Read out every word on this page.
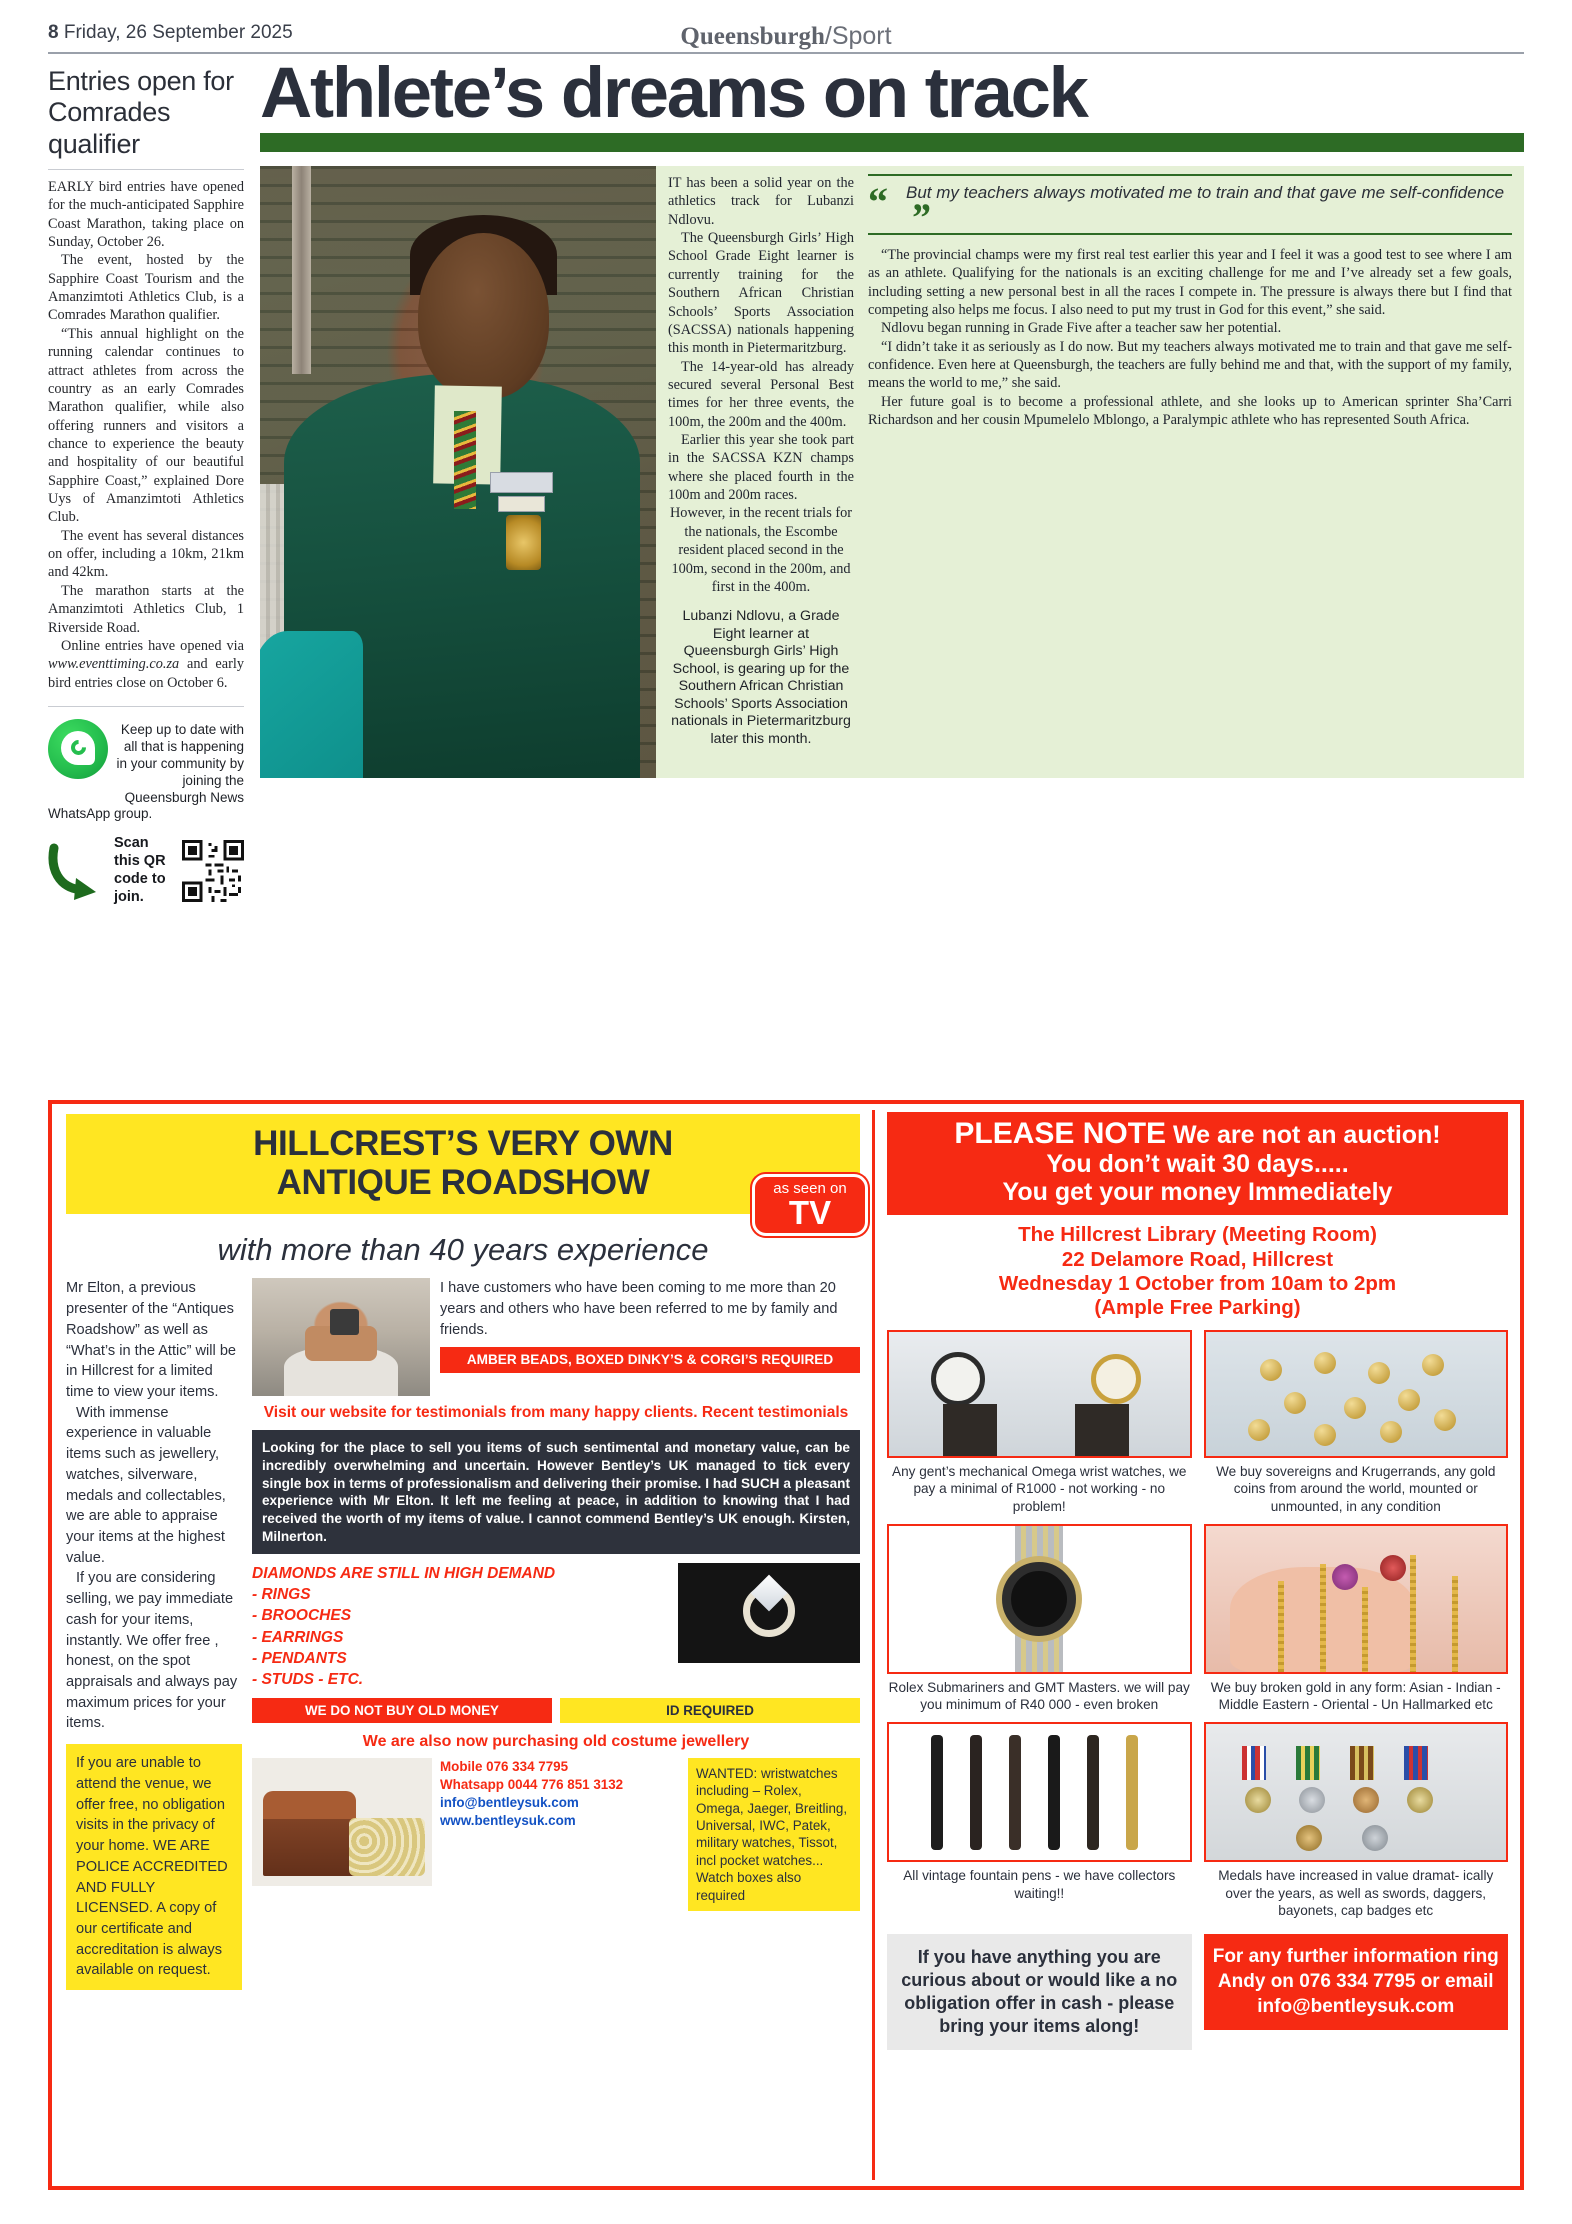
8 Friday, 26 September 2025	Queensburgh/Sport
Entries open for Comrades qualifier

EARLY bird entries have opened for the much-anticipated Sapphire Coast Marathon, taking place on Sunday, October 26.

The event, hosted by the Sapphire Coast Tourism and the Amanzimtoti Athletics Club, is a Comrades Marathon qualifier.

“This annual highlight on the running calendar continues to attract athletes from across the country as an early Comrades Marathon qualifier, while also offering runners and visitors a chance to experience the beauty and hospitality of our beautiful Sapphire Coast,” explained Dore Uys of Amanzimtoti Athletics Club.

The event has several distances on offer, including a 10km, 21km and 42km.

The marathon starts at the Amanzimtoti Athletics Club, 1 Riverside Road.

Online entries have opened via www.eventtiming.co.za and early bird entries close on October 6.

Keep up to date with all that is happening in your community by joining the Queensburgh News
WhatsApp group.
Scan this QR code to join.
Athlete’s dreams on track

IT has been a solid year on the athletics track for Lubanzi Ndlovu.

The Queensburgh Girls’ High School Grade Eight learner is currently training for the Southern African Christian Schools’ Sports Association (SACSSA) nationals happening this month in Pietermaritzburg.

The 14-year-old has already secured several Personal Best times for her three events, the 100m, the 200m and the 400m.

Earlier this year she took part in the SACSSA KZN champs where she placed fourth in the 100m and 200m races.

However, in the recent trials for the nationals, the Escombe resident placed second in the 100m, second in the 200m, and first in the 400m.

Lubanzi Ndlovu, a Grade Eight learner at Queensburgh Girls’ High School, is gearing up for the Southern African Christian Schools’ Sports Association nationals in Pietermaritzburg later this month.
“	But my teachers always motivated me to train and that gave me self-confidence”

“The provincial champs were my first real test earlier this year and I feel it was a good test to see where I am as an athlete. Qualifying for the nationals is an exciting challenge for me and I’ve already set a few goals, including setting a new personal best in all the races I compete in. The pressure is always there but I find that competing also helps me focus. I also need to put my trust in God for this event,” she said.

Ndlovu began running in Grade Five after a teacher saw her potential.

“I didn’t take it as seriously as I do now. But my teachers always motivated me to train and that gave me self-confidence. Even here at Queensburgh, the teachers are fully behind me and that, with the support of my family, means the world to me,” she said.

Her future goal is to become a professional athlete, and she looks up to American sprinter Sha’Carri Richardson and her cousin Mpumelelo Mblongo, a Paralympic athlete who has represented South Africa.

HILLCREST’S VERY OWN
ANTIQUE ROADSHOW	as seen on
TV
with more than 40 years experience

Mr Elton, a previous presenter of the “Antiques Roadshow” as well as “What’s in the Attic” will be in Hillcrest for a limited time to view your items.

With immense experience in valuable items such as jewellery, watches, silverware, medals and collectables, we are able to appraise your items at the highest value.

If you are considering selling, we pay immediate cash for your items, instantly. We offer free , honest, on the spot appraisals and always pay maximum prices for your items.

If you are unable to attend the venue, we offer free, no obligation visits in the privacy of your home. WE ARE POLICE ACCREDITED AND FULLY LICENSED. A copy of our certificate and accreditation is always available on request.
I have customers who have been coming to me more than 20 years and others who have been referred to me by family and friends.
AMBER BEADS, BOXED DINKY’S & CORGI’S REQUIRED
Visit our website for testimonials from many happy clients. Recent testimonials
Looking for the place to sell you items of such sentimental and monetary value, can be incredibly overwhelming and uncertain. However Bentley’s UK managed to tick every single box in terms of professionalism and delivering their promise. I had SUCH a pleasant experience with Mr Elton. It left me feeling at peace, in addition to knowing that I had received the worth of my items of value. I cannot commend Bentley’s UK enough. Kirsten, Milnerton.
DIAMONDS ARE STILL IN HIGH DEMAND
- RINGS
- BROOCHES
- EARRINGS
- PENDANTS
- STUDS - ETC.
WE DO NOT BUY OLD MONEY	ID REQUIRED
We are also now purchasing old costume jewellery
Mobile 076 334 7795
Whatsapp 0044 776 851 3132
info@bentleysuk.com
www.bentleysuk.com
WANTED: wristwatches including – Rolex, Omega, Jaeger, Breitling, Universal, IWC, Patek, military watches, Tissot, incl pocket watches... Watch boxes also required
PLEASE NOTE We are not an auction!
You don’t wait 30 days.....
You get your money Immediately
The Hillcrest Library (Meeting Room)
22 Delamore Road, Hillcrest
Wednesday 1 October from 10am to 2pm
(Ample Free Parking)
Any gent’s mechanical Omega wrist watches, we pay a minimal of R1000 - not working - no problem!
Rolex Submariners and GMT Masters. we will pay you minimum of R40 000 - even broken
All vintage fountain pens - we have collectors waiting!!
We buy sovereigns and Krugerrands, any gold coins from around the world, mounted or unmounted, in any condition
We buy broken gold in any form: Asian - Indian - Middle Eastern - Oriental - Un Hallmarked etc
Medals have increased in value dramat- ically over the years, as well as swords, daggers, bayonets, cap badges etc
If you have anything you are curious about or would like a no obligation offer in cash - please bring your items along!
For any further information ring Andy on 076 334 7795 or email info@bentleysuk.com
